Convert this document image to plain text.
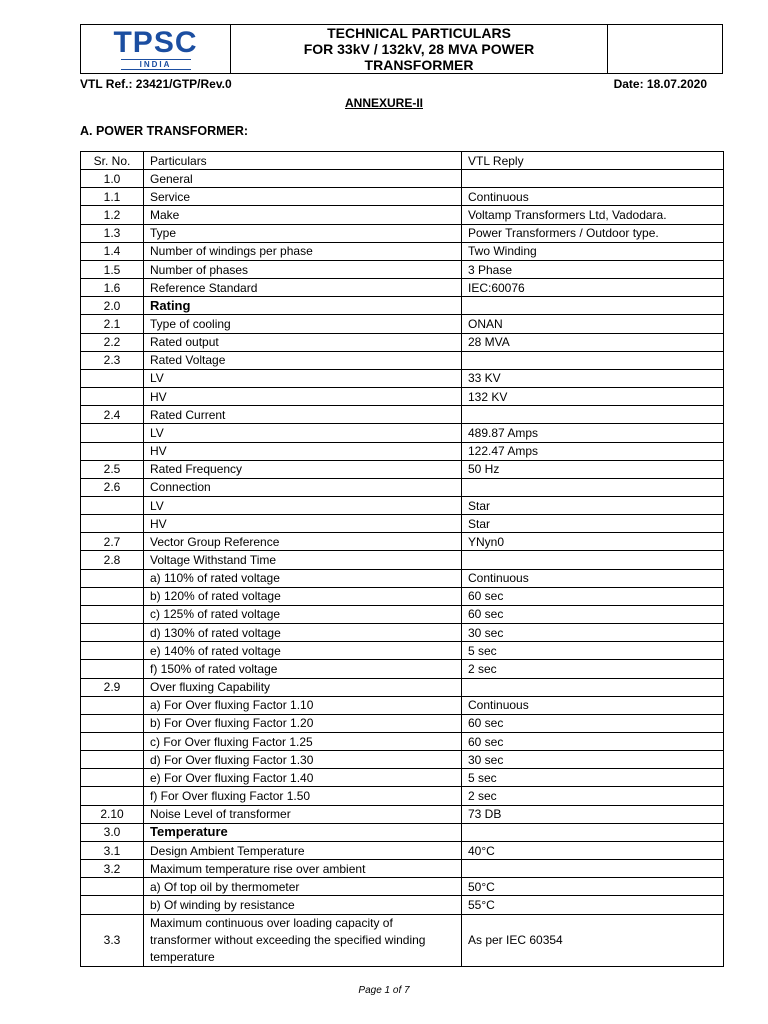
TPSC
INDIA
TECHNICAL PARTICULARS
FOR 33kV / 132kV, 28 MVA POWER
TRANSFORMER
VTL Ref.: 23421/GTP/Rev.0	Date: 18.07.2020
ANNEXURE-II
A. POWER TRANSFORMER:
Sr. No.	Particulars	VTL Reply
1.0	General	
1.1	Service	Continuous
1.2	Make	Voltamp Transformers Ltd, Vadodara.
1.3	Type	Power Transformers / Outdoor type.
1.4	Number of windings per phase	Two Winding
1.5	Number of phases	3 Phase
1.6	Reference Standard	IEC:60076
2.0	Rating	
2.1	Type of cooling	ONAN
2.2	Rated output	28 MVA
2.3	Rated Voltage	
	LV	33 KV
	HV	132 KV
2.4	Rated Current	
	LV	489.87 Amps
	HV	122.47 Amps
2.5	Rated Frequency	50 Hz
2.6	Connection	
	LV	Star
	HV	Star
2.7	Vector Group Reference	YNyn0
2.8	Voltage Withstand Time	
	a) 110% of rated voltage	Continuous
	b) 120% of rated voltage	60 sec
	c) 125% of rated voltage	60 sec
	d) 130% of rated voltage	30 sec
	e) 140% of rated voltage	5 sec
	f) 150% of rated voltage	2 sec
2.9	Over fluxing Capability	
	a) For Over fluxing Factor 1.10	Continuous
	b) For Over fluxing Factor 1.20	60 sec
	c) For Over fluxing Factor 1.25	60 sec
	d) For Over fluxing Factor 1.30	30 sec
	e) For Over fluxing Factor 1.40	5 sec
	f) For Over fluxing Factor 1.50	2 sec
2.10	Noise Level of transformer	73 DB
3.0	Temperature	
3.1	Design Ambient Temperature	40°C
3.2	Maximum temperature rise over ambient	
	a) Of top oil by thermometer	50°C
	b) Of winding by resistance	55°C
3.3	Maximum continuous over loading capacity of transformer without exceeding the specified winding temperature	As per IEC 60354
Page 1 of 7
